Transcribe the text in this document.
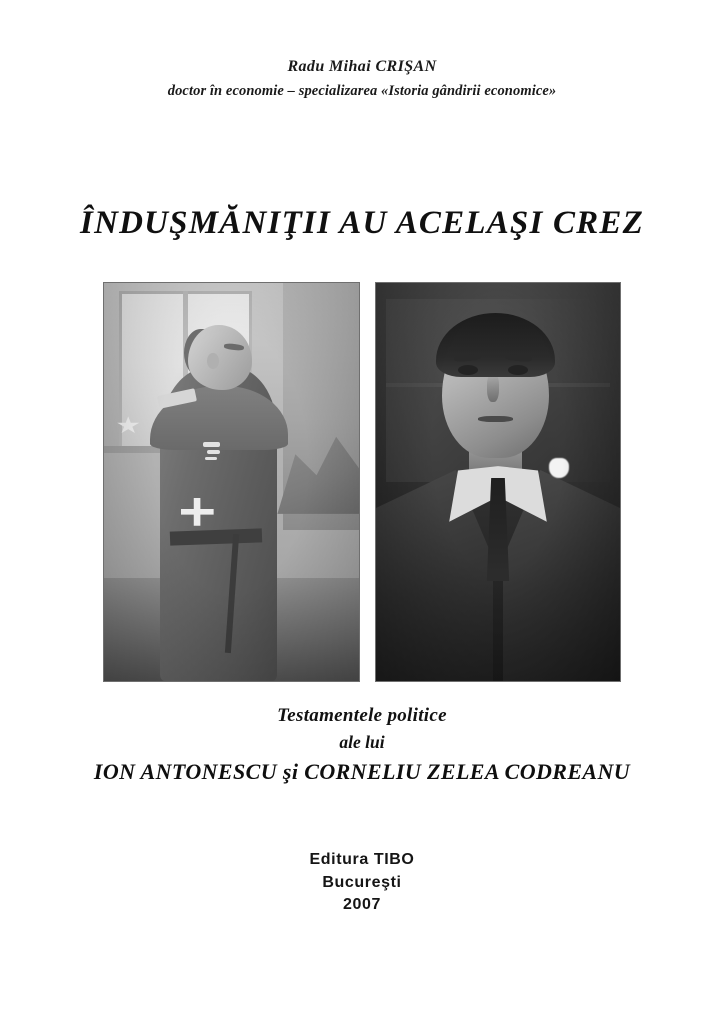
Radu Mihai CRIŞAN
doctor în economie – specializarea «Istoria gândirii economice»
ÎNDUŞMĂNIŢII AU ACELAŞI CREZ
Testamentele politice
ale lui
ION ANTONESCU şi CORNELIU ZELEA CODREANU
Editura TIBO
Bucureşti
2007
